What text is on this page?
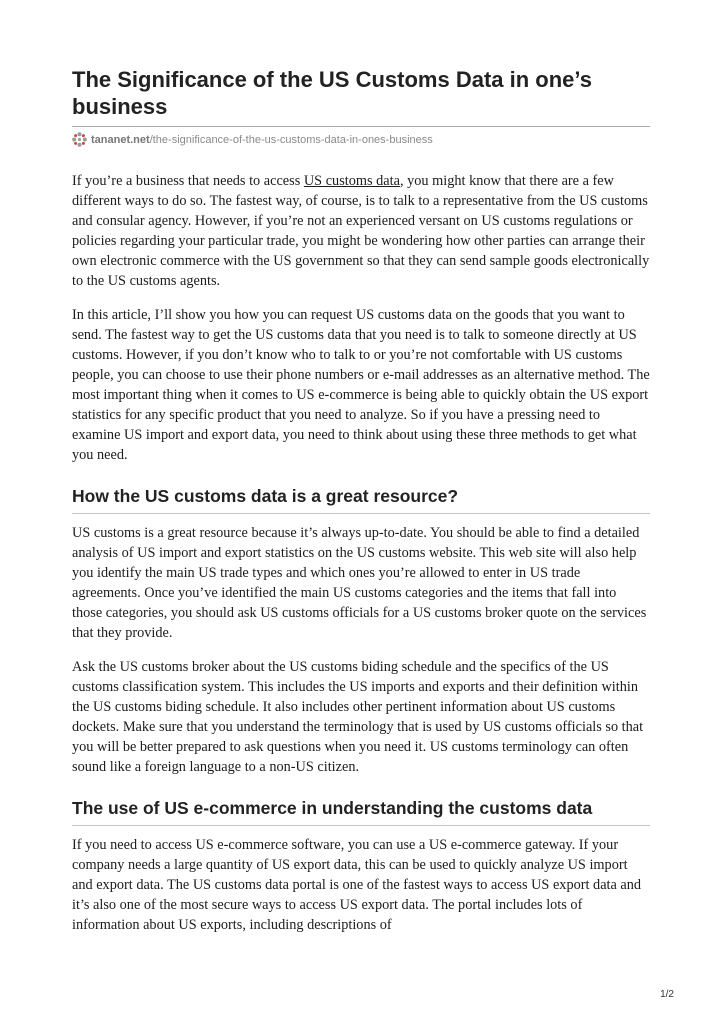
The Significance of the US Customs Data in one’s business
tananet.net /the-significance-of-the-us-customs-data-in-ones-business

If you’re a business that needs to access US customs data, you might know that there are a few different ways to do so. The fastest way, of course, is to talk to a representative from the US customs and consular agency. However, if you’re not an experienced versant on US customs regulations or policies regarding your particular trade, you might be wondering how other parties can arrange their own electronic commerce with the US government so that they can send sample goods electronically to the US customs agents.

In this article, I’ll show you how you can request US customs data on the goods that you want to send. The fastest way to get the US customs data that you need is to talk to someone directly at US customs. However, if you don’t know who to talk to or you’re not comfortable with US customs people, you can choose to use their phone numbers or e-mail addresses as an alternative method. The most important thing when it comes to US e-commerce is being able to quickly obtain the US export statistics for any specific product that you need to analyze. So if you have a pressing need to examine US import and export data, you need to think about using these three methods to get what you need.

How the US customs data is a great resource?

US customs is a great resource because it’s always up-to-date. You should be able to find a detailed analysis of US import and export statistics on the US customs website. This web site will also help you identify the main US trade types and which ones you’re allowed to enter in US trade agreements. Once you’ve identified the main US customs categories and the items that fall into those categories, you should ask US customs officials for a US customs broker quote on the services that they provide.

Ask the US customs broker about the US customs biding schedule and the specifics of the US customs classification system. This includes the US imports and exports and their definition within the US customs biding schedule. It also includes other pertinent information about US customs dockets. Make sure that you understand the terminology that is used by US customs officials so that you will be better prepared to ask questions when you need it. US customs terminology can often sound like a foreign language to a non-US citizen.

The use of US e-commerce in understanding the customs data

If you need to access US e-commerce software, you can use a US e-commerce gateway. If your company needs a large quantity of US export data, this can be used to quickly analyze US import and export data. The US customs data portal is one of the fastest ways to access US export data and it’s also one of the most secure ways to access US export data. The portal includes lots of information about US exports, including descriptions of

1/2
